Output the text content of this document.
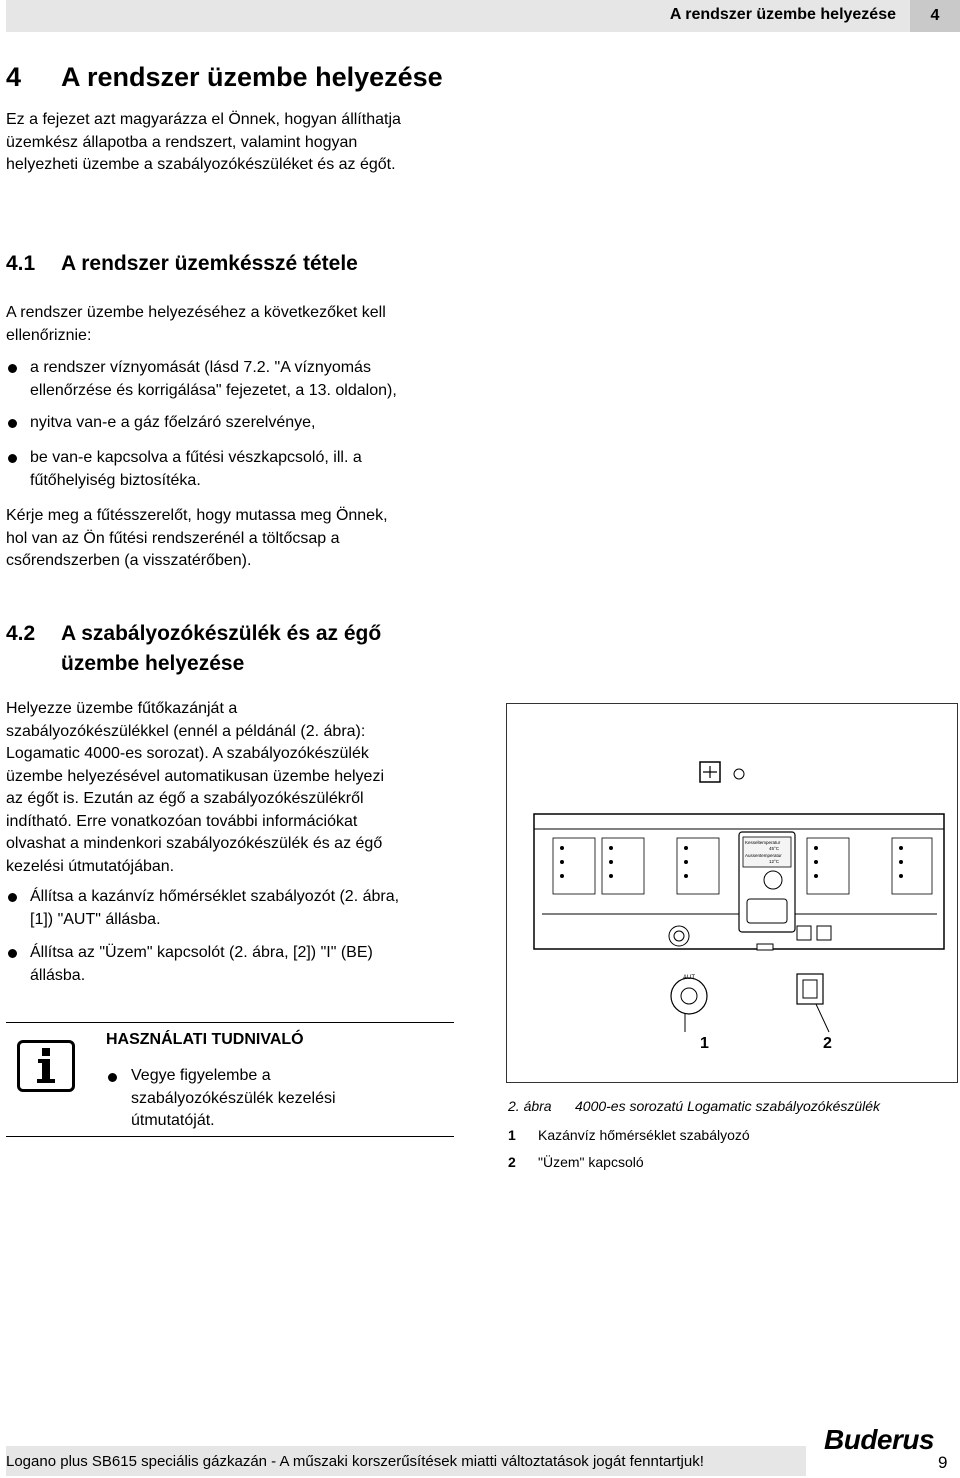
A rendszer üzembe helyezése	4
4 A rendszer üzembe helyezése
Ez a fejezet azt magyarázza el Önnek, hogyan állíthatja
üzemkész állapotba a rendszert, valamint hogyan
helyezheti üzembe a szabályozókészüléket és az égőt.
4.1 A rendszer üzemkésszé tétele
A rendszer üzembe helyezéséhez a következőket kell
ellenőriznie:
a rendszer víznyomását (lásd 7.2. "A víznyomás
ellenőrzése és korrigálása" fejezetet, a 13. oldalon),
nyitva van-e a gáz főelzáró szerelvénye,
be van-e kapcsolva a fűtési vészkapcsoló, ill. a
fűtőhelyiség biztosítéka.
Kérje meg a fűtésszerelőt, hogy mutassa meg Önnek,
hol van az Ön fűtési rendszerénél a töltőcsap a
csőrendszerben (a visszatérőben).
4.2 A szabályozókészülék és az égő
üzembe helyezése
Helyezze üzembe fűtőkazánját a
szabályozókészülékkel (ennél a példánál (2. ábra):
Logamatic 4000-es sorozat). A szabályozókészülék
üzembe helyezésével automatikusan üzembe helyezi
az égőt is. Ezután az égő a szabályozókészülékről
indítható. Erre vonatkozóan további információkat
olvashat a mindenkori szabályozókészülék és az égő
kezelési útmutatójában.
Állítsa a kazánvíz hőmérséklet szabályozót (2. ábra,
[1]) "AUT" állásba.
Állítsa az "Üzem" kapcsolót (2. ábra, [2]) "I" (BE)
állásba.
HASZNÁLATI TUDNIVALÓ
Vegye figyelembe a
szabályozókészülék kezelési
útmutatóját.
Kesseltemperatur
45°C
Aussentemperatur
12°C
AUT
1	2
2. ábra 4000-es sorozatú Logamatic szabályozókészülék
1 Kazánvíz hőmérséklet szabályozó
2 "Üzem" kapcsoló
Buderus
Logano plus SB615 speciális gázkazán - A műszaki korszerűsítések miatti változtatások jogát fenntartjuk!	9
